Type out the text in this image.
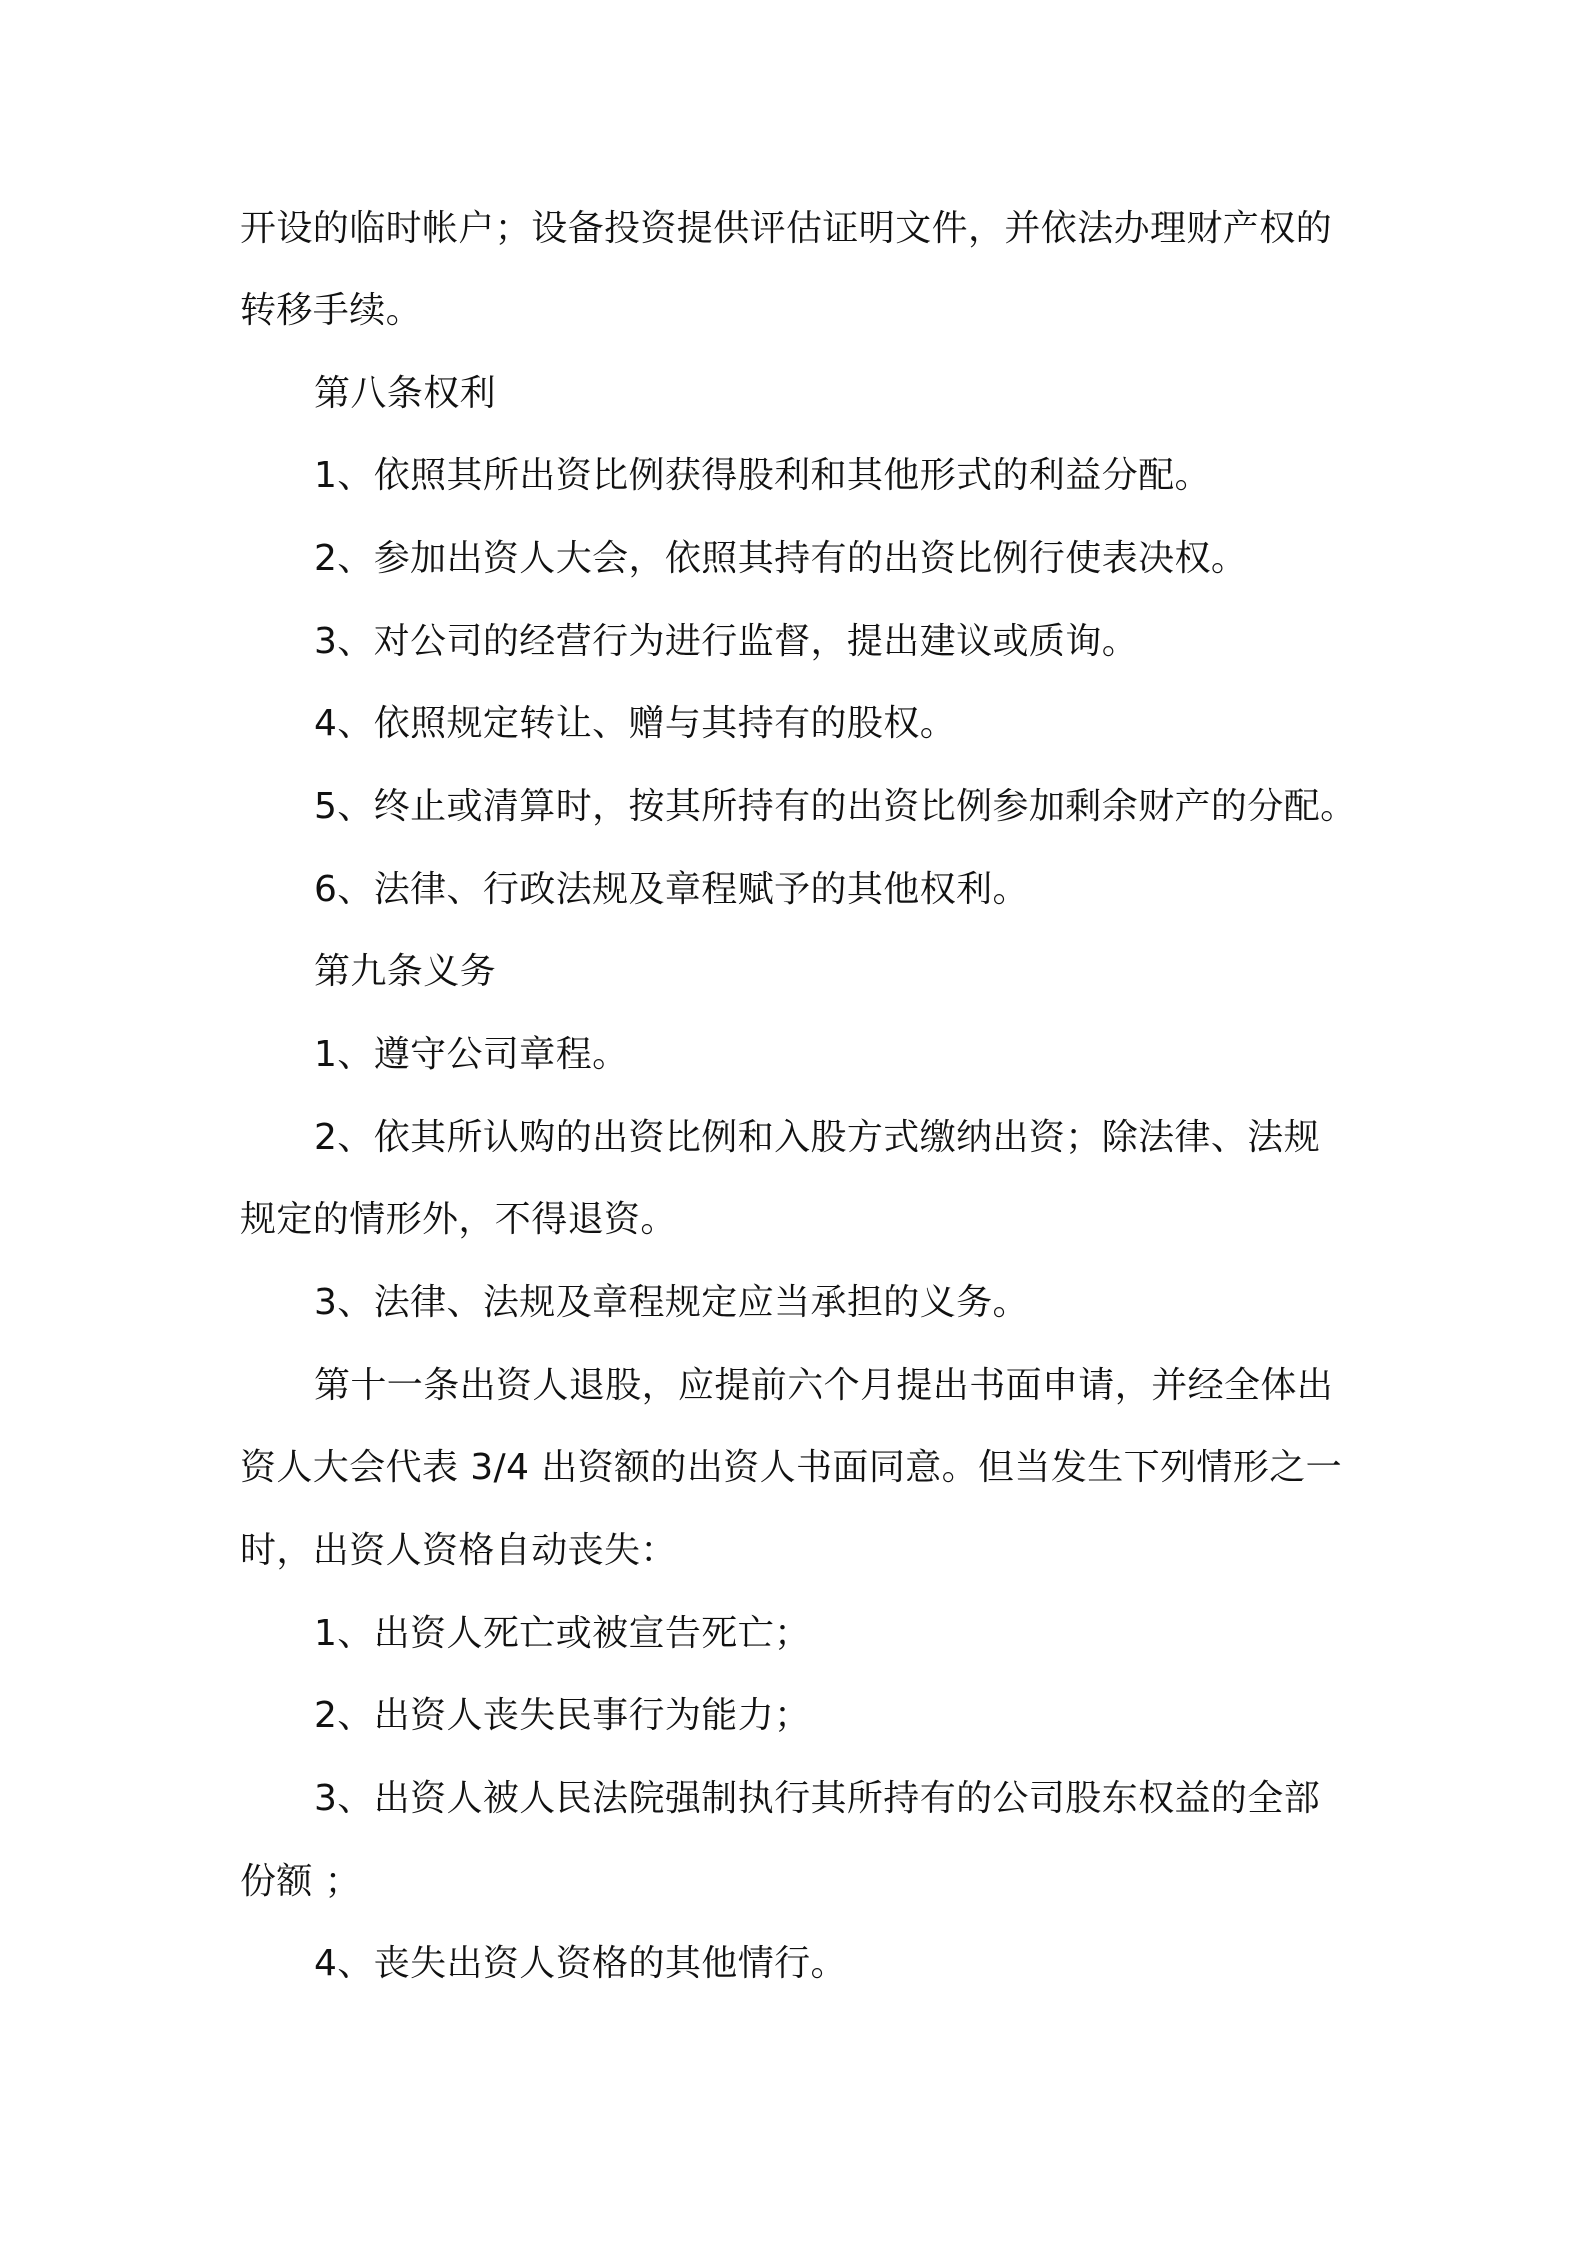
开设的临时帐户；设备投资提供评估证明文件，并依法办理财产权的
转移手续。
第八条权利
1、依照其所出资比例获得股利和其他形式的利益分配。
2、参加出资人大会，依照其持有的出资比例行使表决权。
3、对公司的经营行为进行监督，提出建议或质询。
4、依照规定转让、赠与其持有的股权。
5、终止或清算时，按其所持有的出资比例参加剩余财产的分配。
6、法律、行政法规及章程赋予的其他权利。
第九条义务
1、遵守公司章程。
2、依其所认购的出资比例和入股方式缴纳出资；除法律、法规
规定的情形外，不得退资。
3、法律、法规及章程规定应当承担的义务。
第十一条出资人退股，应提前六个月提出书面申请，并经全体出
资人大会代表 3/4 出资额的出资人书面同意。但当发生下列情形之一
时，出资人资格自动丧失：
1、出资人死亡或被宣告死亡；
2、出资人丧失民事行为能力；
3、出资人被人民法院强制执行其所持有的公司股东权益的全部
份额 ；
4、丧失出资人资格的其他情行。
